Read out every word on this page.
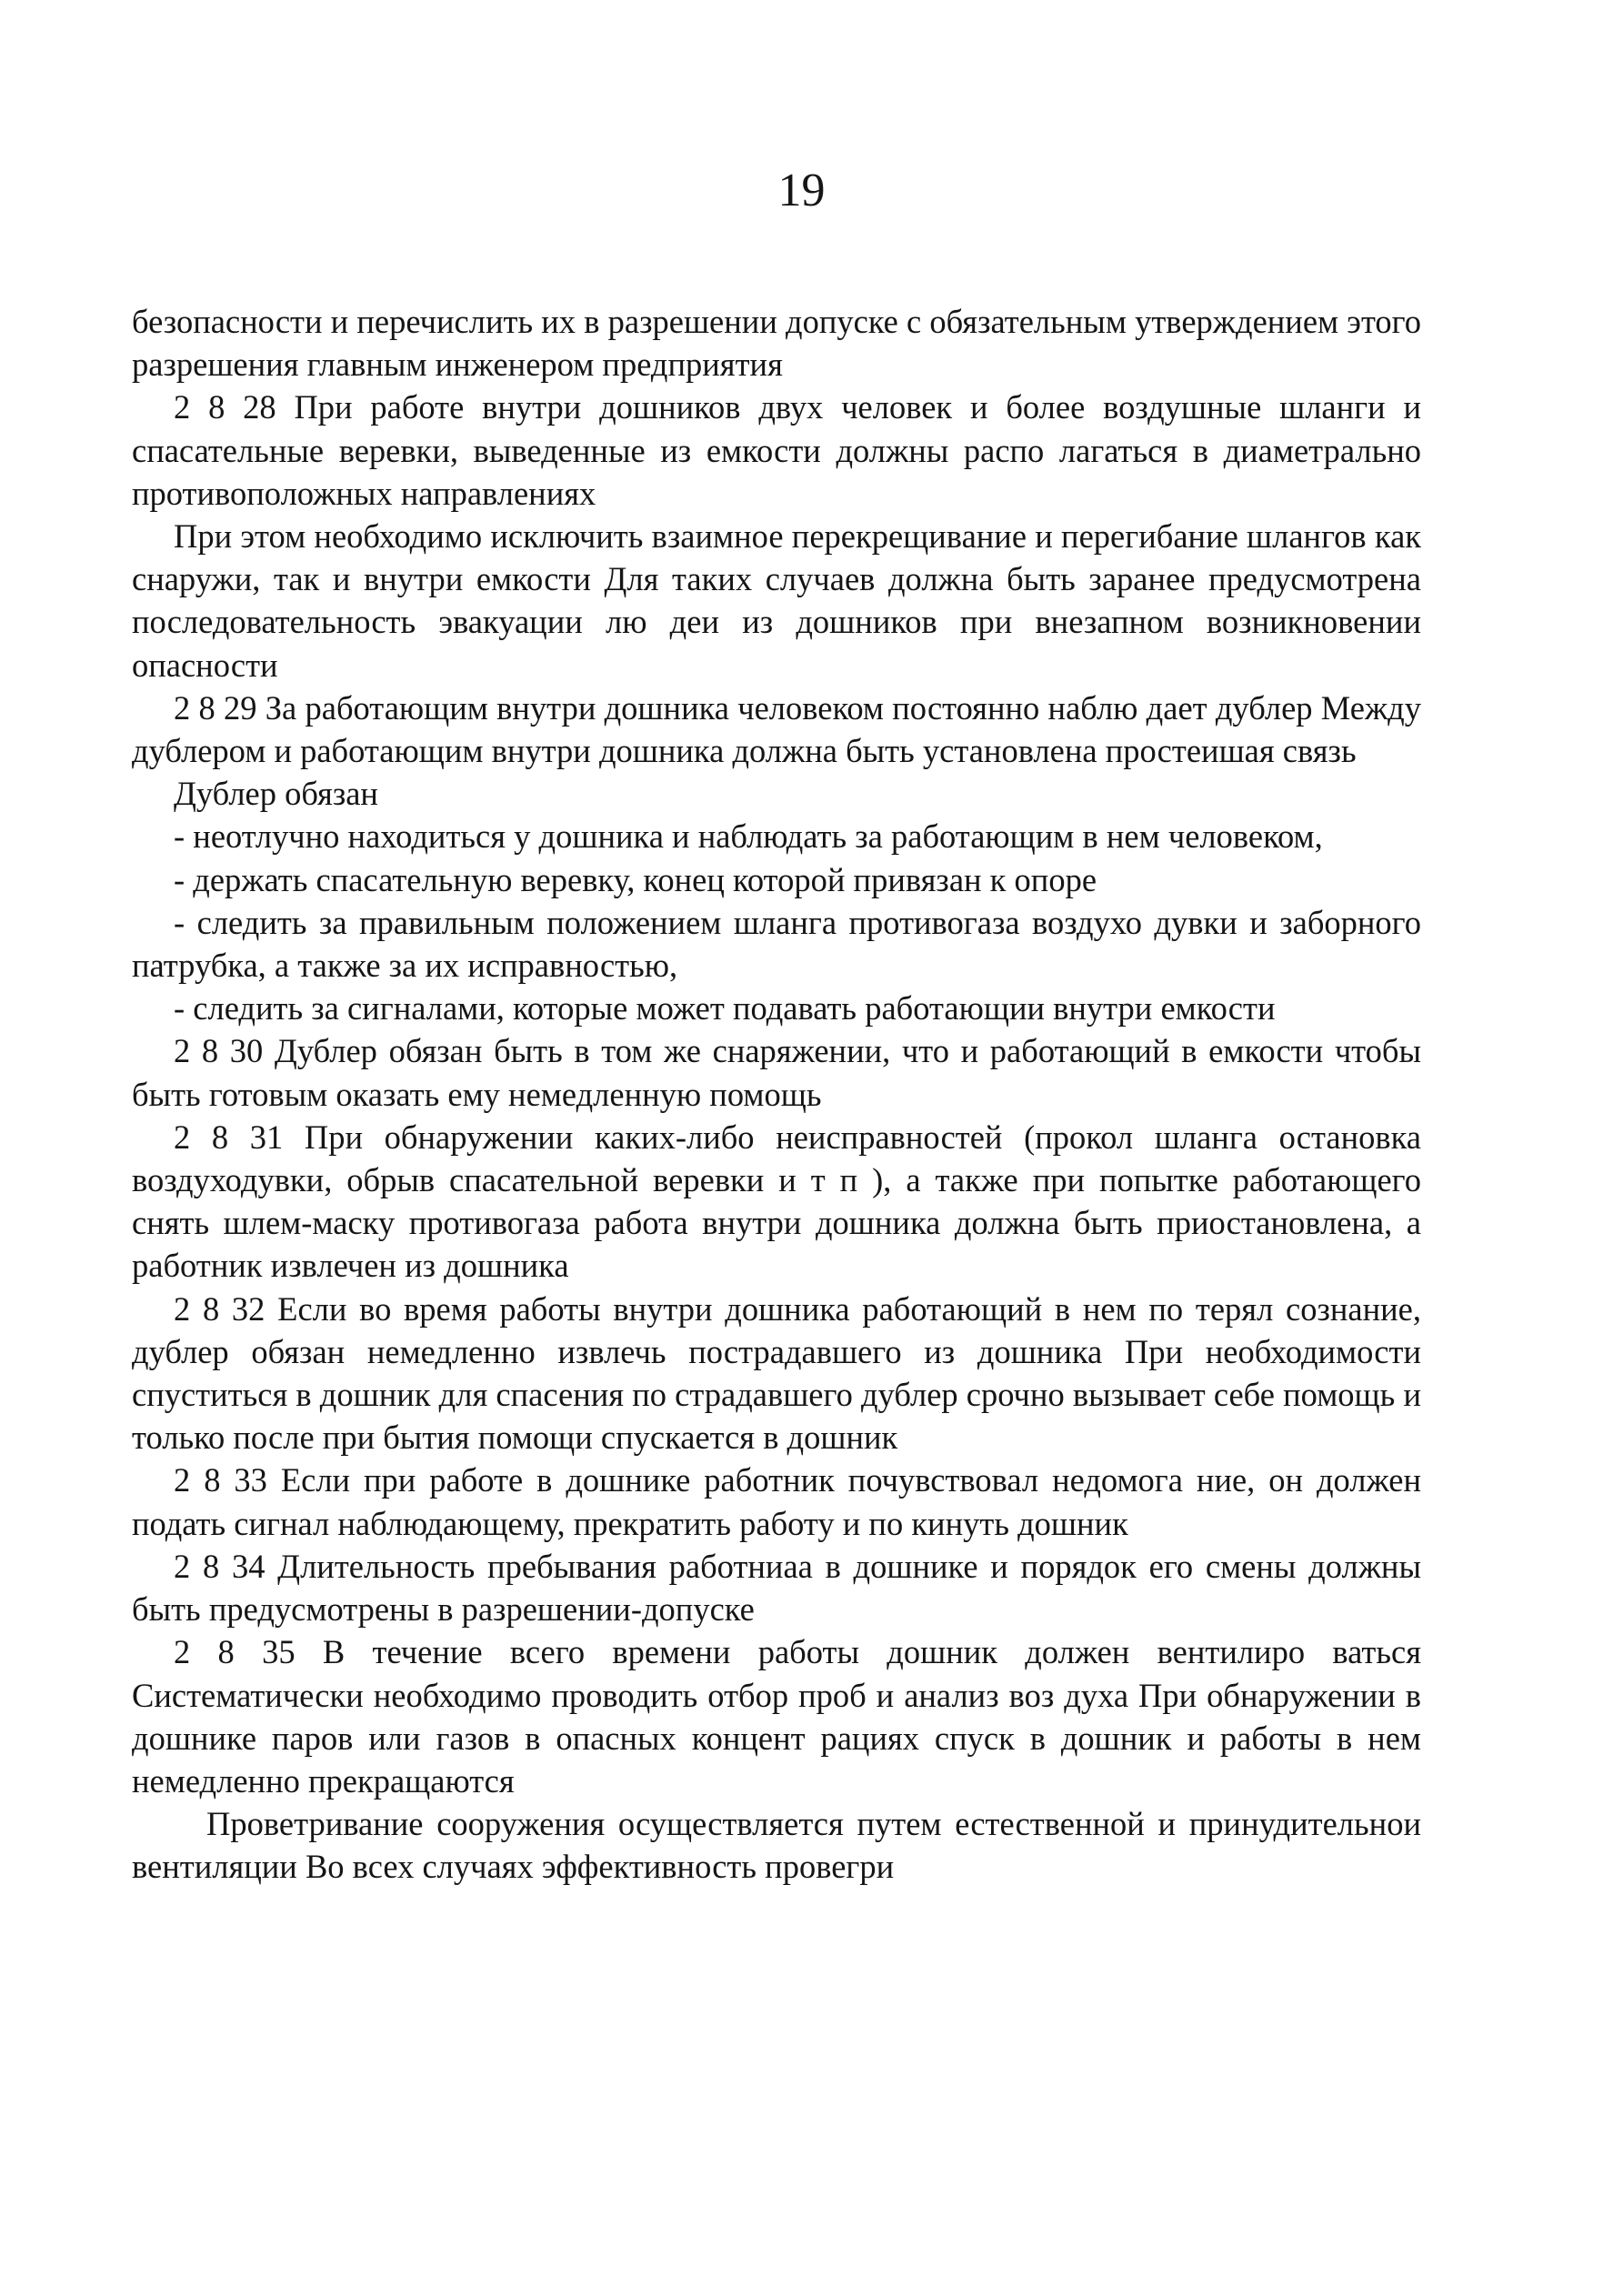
19

безопасности и перечислить их в разрешении допуске с обязательным утверждением этого разрешения главным инженером предприятия

2 8 28 При работе внутри дошников двух человек и более воздушные шланги и спасательные веревки, выведенные из емкости должны распо лагаться в диаметрально противоположных направлениях

При этом необходимо исключить взаимное перекрещивание и перегибание шлангов как снаружи, так и внутри емкости Для таких случаев должна быть заранее предусмотрена последовательность эвакуации лю деи из дошников при внезапном возникновении опасности

2 8 29 За работающим внутри дошника человеком постоянно наблю дает дублер Между дублером и работающим внутри дошника должна быть установлена простеишая связь

Дублер обязан

- неотлучно находиться у дошника и наблюдать за работающим в нем человеком,

- держать спасательную веревку, конец которой привязан к опоре

- следить за правильным положением шланга противогаза воздухо дувки и заборного патрубка, а также за их исправностью,

- следить за сигналами, которые может подавать работающии внутри емкости

2 8 30 Дублер обязан быть в том же снаряжении, что и работающий в емкости чтобы быть готовым оказать ему немедленную помощь

2 8 31 При обнаружении каких-либо неисправностей (прокол шланга остановка воздуходувки, обрыв спасательной веревки и т п ), а также при попытке работающего снять шлем-маску противогаза работа внутри дошника должна быть приостановлена, а работник извлечен из дошника

2 8 32 Если во время работы внутри дошника работающий в нем по терял сознание, дублер обязан немедленно извлечь пострадавшего из дошника При необходимости спуститься в дошник для спасения по страдавшего дублер срочно вызывает себе помощь и только после при бытия помощи спускается в дошник

2 8 33 Если при работе в дошнике работник почувствовал недомога ние, он должен подать сигнал наблюдающему, прекратить работу и по кинуть дошник

2 8 34 Длительность пребывания работниаа в дошнике и порядок его смены должны быть предусмотрены в разрешении-допуске

2 8 35 В течение всего времени работы дошник должен вентилиро ваться Систематически необходимо проводить отбор проб и анализ воз духа При обнаружении в дошнике паров или газов в опасных концент рациях спуск в дошник и работы в нем немедленно прекращаются

Проветривание сооружения осуществляется путем естественной и принудительнои вентиляции Во всех случаях эффективность провегри
